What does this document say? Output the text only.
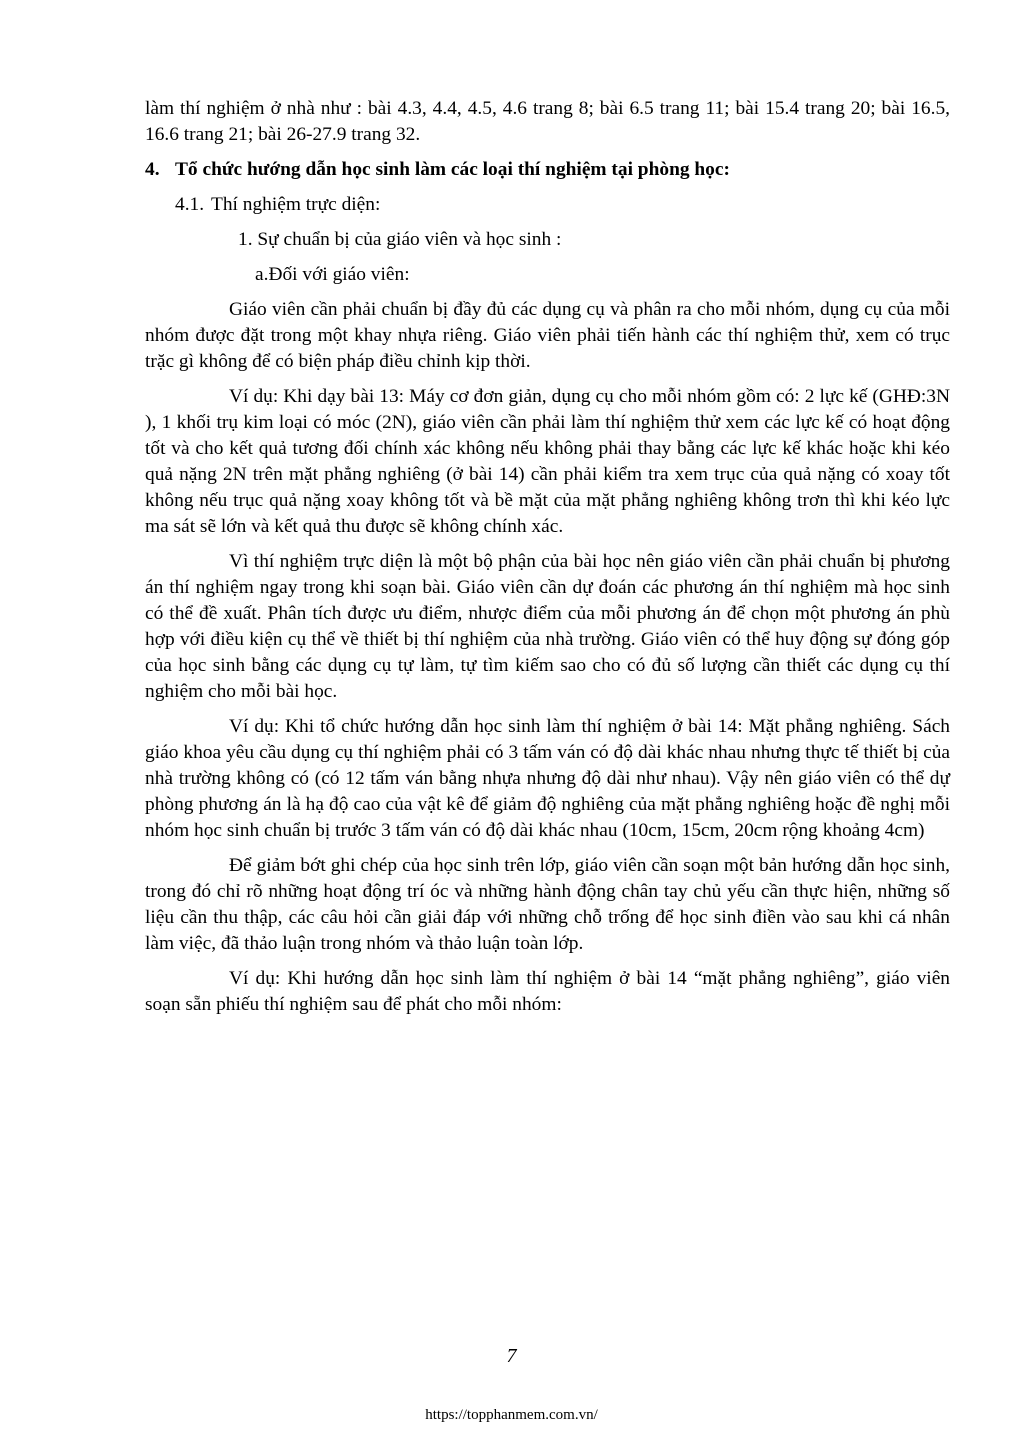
làm thí nghiệm ở nhà như : bài 4.3, 4.4, 4.5, 4.6 trang 8; bài 6.5 trang 11; bài 15.4 trang 20; bài 16.5, 16.6 trang 21; bài 26-27.9 trang 32.

4. Tổ chức hướng dẫn học sinh làm các loại thí nghiệm tại phòng học:

4.1. Thí nghiệm trực diện:

1. Sự chuẩn bị của giáo viên và học sinh :

a.Đối với giáo viên:

Giáo viên cần phải chuẩn bị đầy đủ các dụng cụ và phân ra cho mỗi nhóm, dụng cụ của mỗi nhóm được đặt trong một khay nhựa riêng. Giáo viên phải tiến hành các thí nghiệm thử, xem có trục trặc gì không để có biện pháp điều chỉnh kịp thời.

Ví dụ: Khi dạy bài 13: Máy cơ đơn giản, dụng cụ cho mỗi nhóm gồm có: 2 lực kế (GHĐ:3N ), 1 khối trụ kim loại có móc (2N), giáo viên cần phải làm thí nghiệm thử xem các lực kế có hoạt động tốt và cho kết quả tương đối chính xác không nếu không phải thay bằng các lực kế khác hoặc khi kéo quả nặng 2N trên mặt phẳng nghiêng (ở bài 14) cần phải kiểm tra xem trục của quả nặng có xoay tốt không nếu trục quả nặng xoay không tốt và bề mặt của mặt phẳng nghiêng không trơn thì khi kéo lực ma sát sẽ lớn và kết quả thu được sẽ không chính xác.

Vì thí nghiệm trực diện là một bộ phận của bài học nên giáo viên cần phải chuẩn bị phương án thí nghiệm ngay trong khi soạn bài. Giáo viên cần dự đoán các phương án thí nghiệm mà học sinh có thể đề xuất. Phân tích được ưu điểm, nhược điểm của mỗi phương án để chọn một phương án phù hợp với điều kiện cụ thể về thiết bị thí nghiệm của nhà trường. Giáo viên có thể huy động sự đóng góp của học sinh bằng các dụng cụ tự làm, tự tìm kiếm sao cho có đủ số lượng cần thiết các dụng cụ thí nghiệm cho mỗi bài học.

Ví dụ: Khi tổ chức hướng dẫn học sinh làm thí nghiệm ở bài 14: Mặt phẳng nghiêng. Sách giáo khoa yêu cầu dụng cụ thí nghiệm phải có 3 tấm ván có độ dài khác nhau nhưng thực tế thiết bị của nhà trường không có (có 12 tấm ván bằng nhựa nhưng độ dài như nhau). Vậy nên giáo viên có thể dự phòng phương án là hạ độ cao của vật kê để giảm độ nghiêng của mặt phẳng nghiêng hoặc đề nghị mỗi nhóm học sinh chuẩn bị trước 3 tấm ván có độ dài khác nhau (10cm, 15cm, 20cm rộng khoảng 4cm)

Để giảm bớt ghi chép của học sinh trên lớp, giáo viên cần soạn một bản hướng dẫn học sinh, trong đó chỉ rõ những hoạt động trí óc và những hành động chân tay chủ yếu cần thực hiện, những số liệu cần thu thập, các câu hỏi cần giải đáp với những chỗ trống để học sinh điền vào sau khi cá nhân làm việc, đã thảo luận trong nhóm và thảo luận toàn lớp.

Ví dụ: Khi hướng dẫn học sinh làm thí nghiệm ở bài 14 “mặt phẳng nghiêng”, giáo viên soạn sẵn phiếu thí nghiệm sau để phát cho mỗi nhóm:

7
https://topphanmem.com.vn/
